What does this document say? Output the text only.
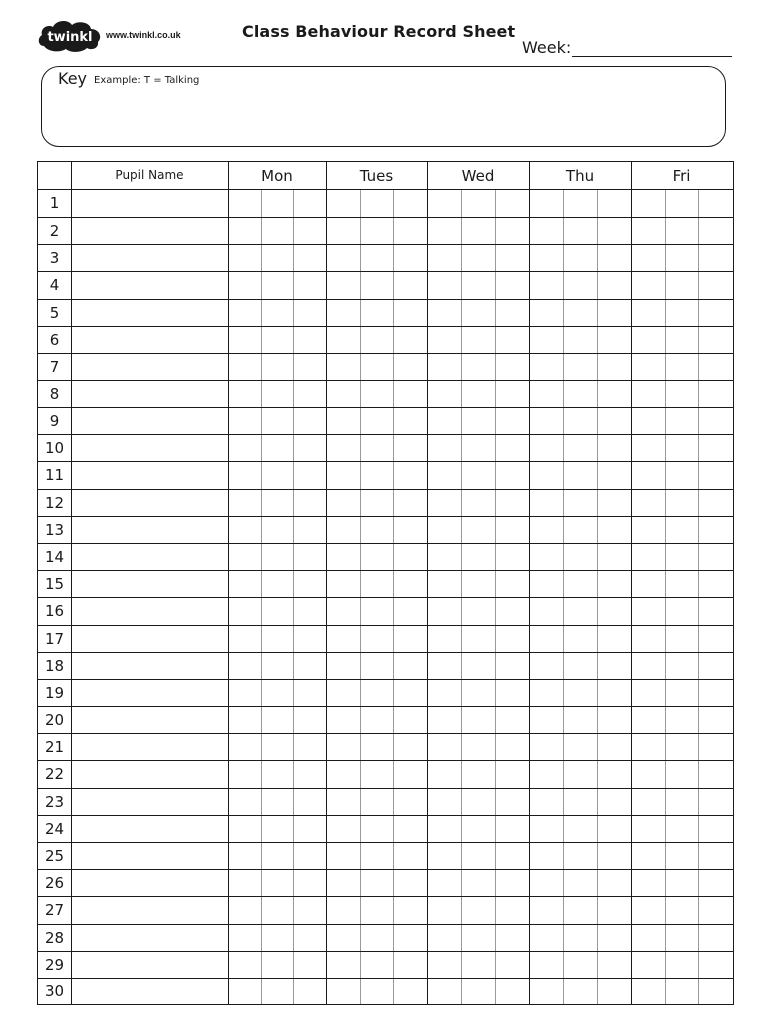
twinkl www.twinkl.co.uk	Class Behaviour Record Sheet
Week:
Key Example: T = Talking
Pupil Name	Mon	Tues	Wed	Thu	Fri
1
2
3
4
5
6
7
8
9
10
11
12
13
14
15
16
17
18
19
20
21
22
23
24
25
26
27
28
29
30
